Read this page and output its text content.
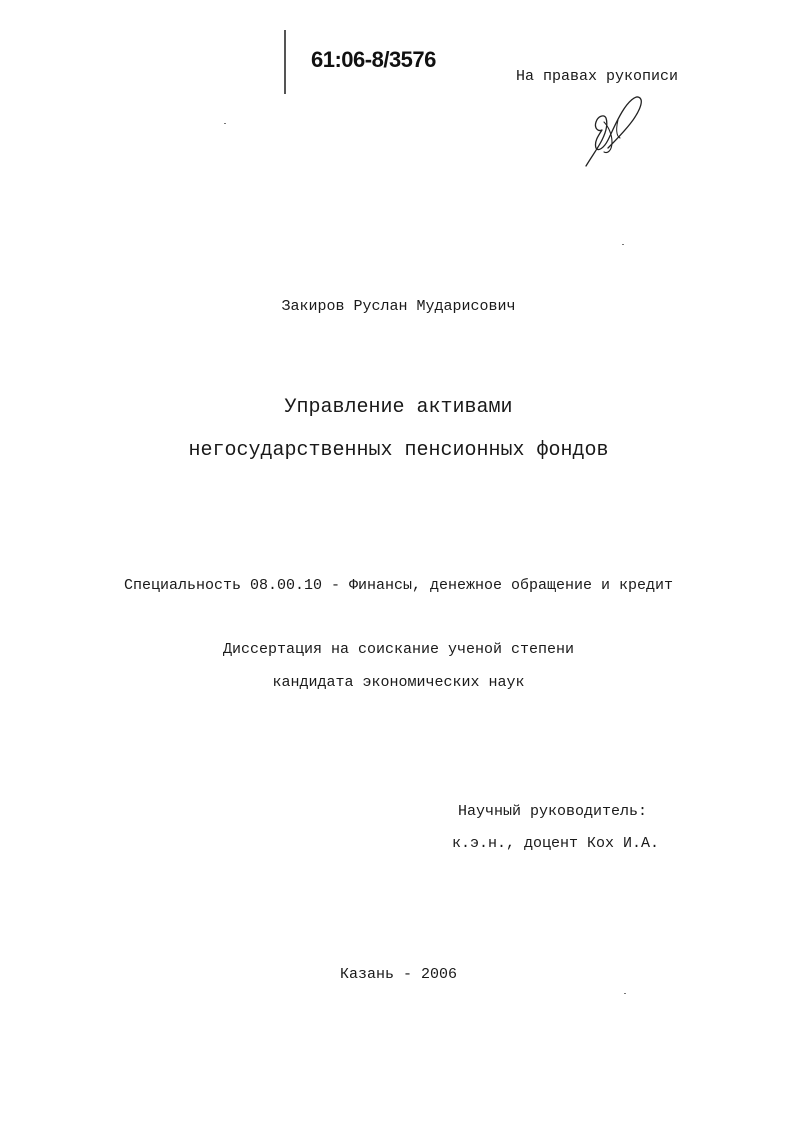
61:06-8/3576
На правах рукописи
Закиров Руслан Мударисович
Управление активами
негосударственных пенсионных фондов
Специальность 08.00.10 - Финансы, денежное обращение и кредит
Диссертация на соискание ученой степени
кандидата экономических наук
Научный руководитель:
к.э.н., доцент Кох И.А.
Казань - 2006
